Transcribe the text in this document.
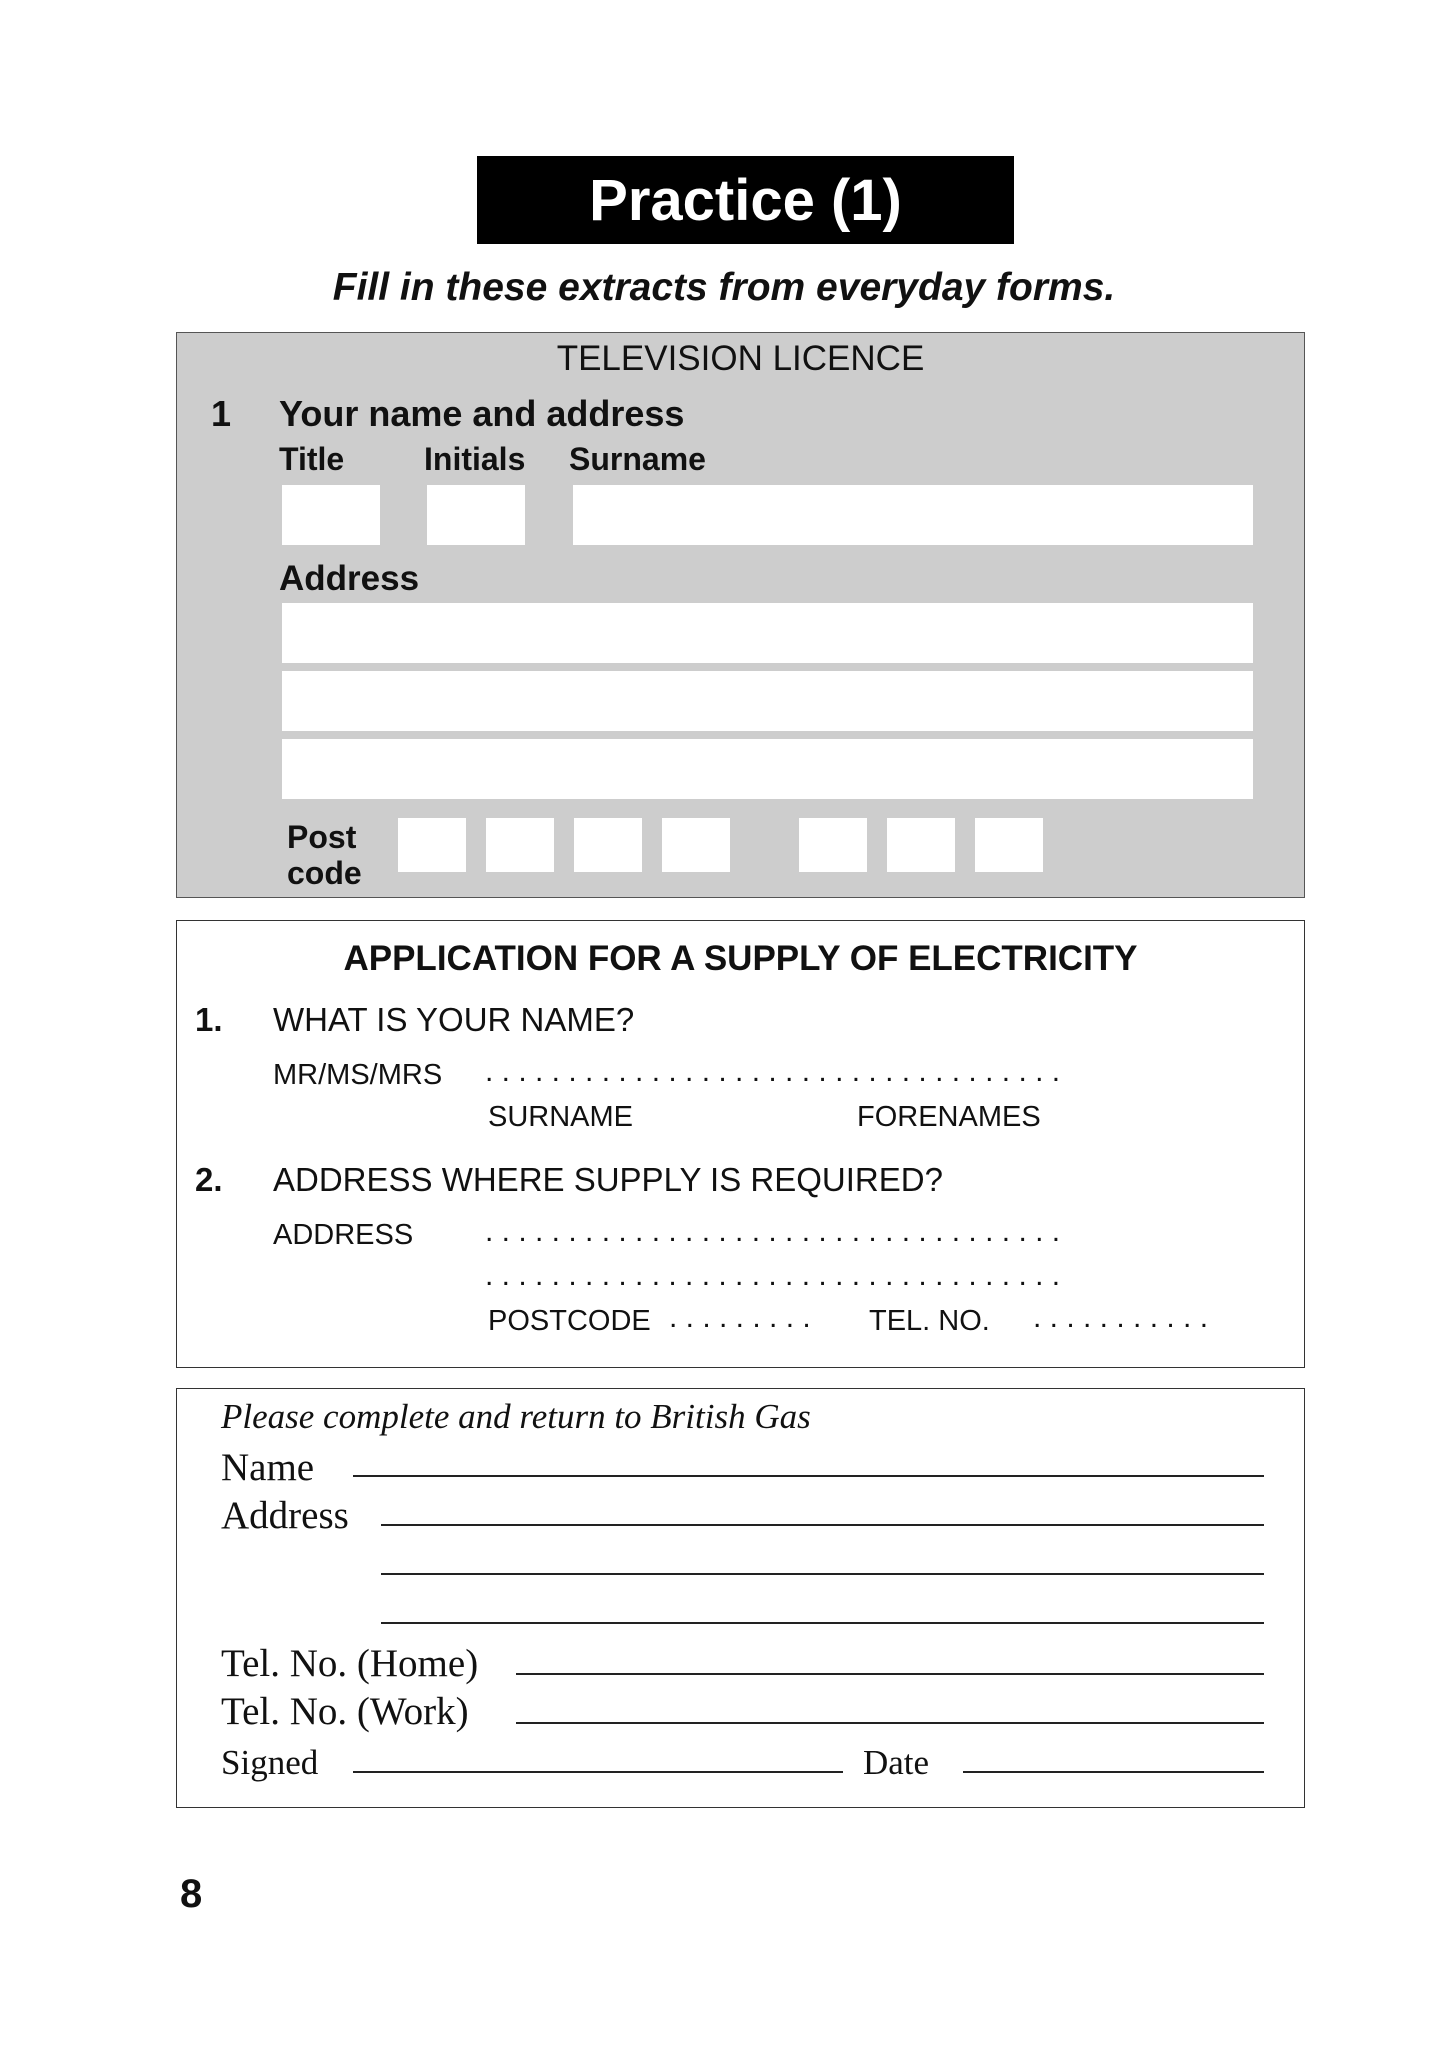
Practice (1)
Fill in these extracts from everyday forms.
TELEVISION LICENCE
1 Your name and address
Title Initials Surname
Address
Post
code
APPLICATION FOR A SUPPLY OF ELECTRICITY
1. WHAT IS YOUR NAME?
MR/MS/MRS . . . . . . . . . . . . . . . . . . . . . . . . . . . . . . . . . . .
SURNAME	FORENAMES
2. ADDRESS WHERE SUPPLY IS REQUIRED?
ADDRESS . . . . . . . . . . . . . . . . . . . . . . . . . . . . . . . . . . .
. . . . . . . . . . . . . . . . . . . . . . . . . . . . . . . . . . .
POSTCODE . . . . . . . . . TEL. NO. . . . . . . . . . . .
Please complete and return to British Gas
Name
Address
Tel. No. (Home)
Tel. No. (Work)
Signed	Date
8
